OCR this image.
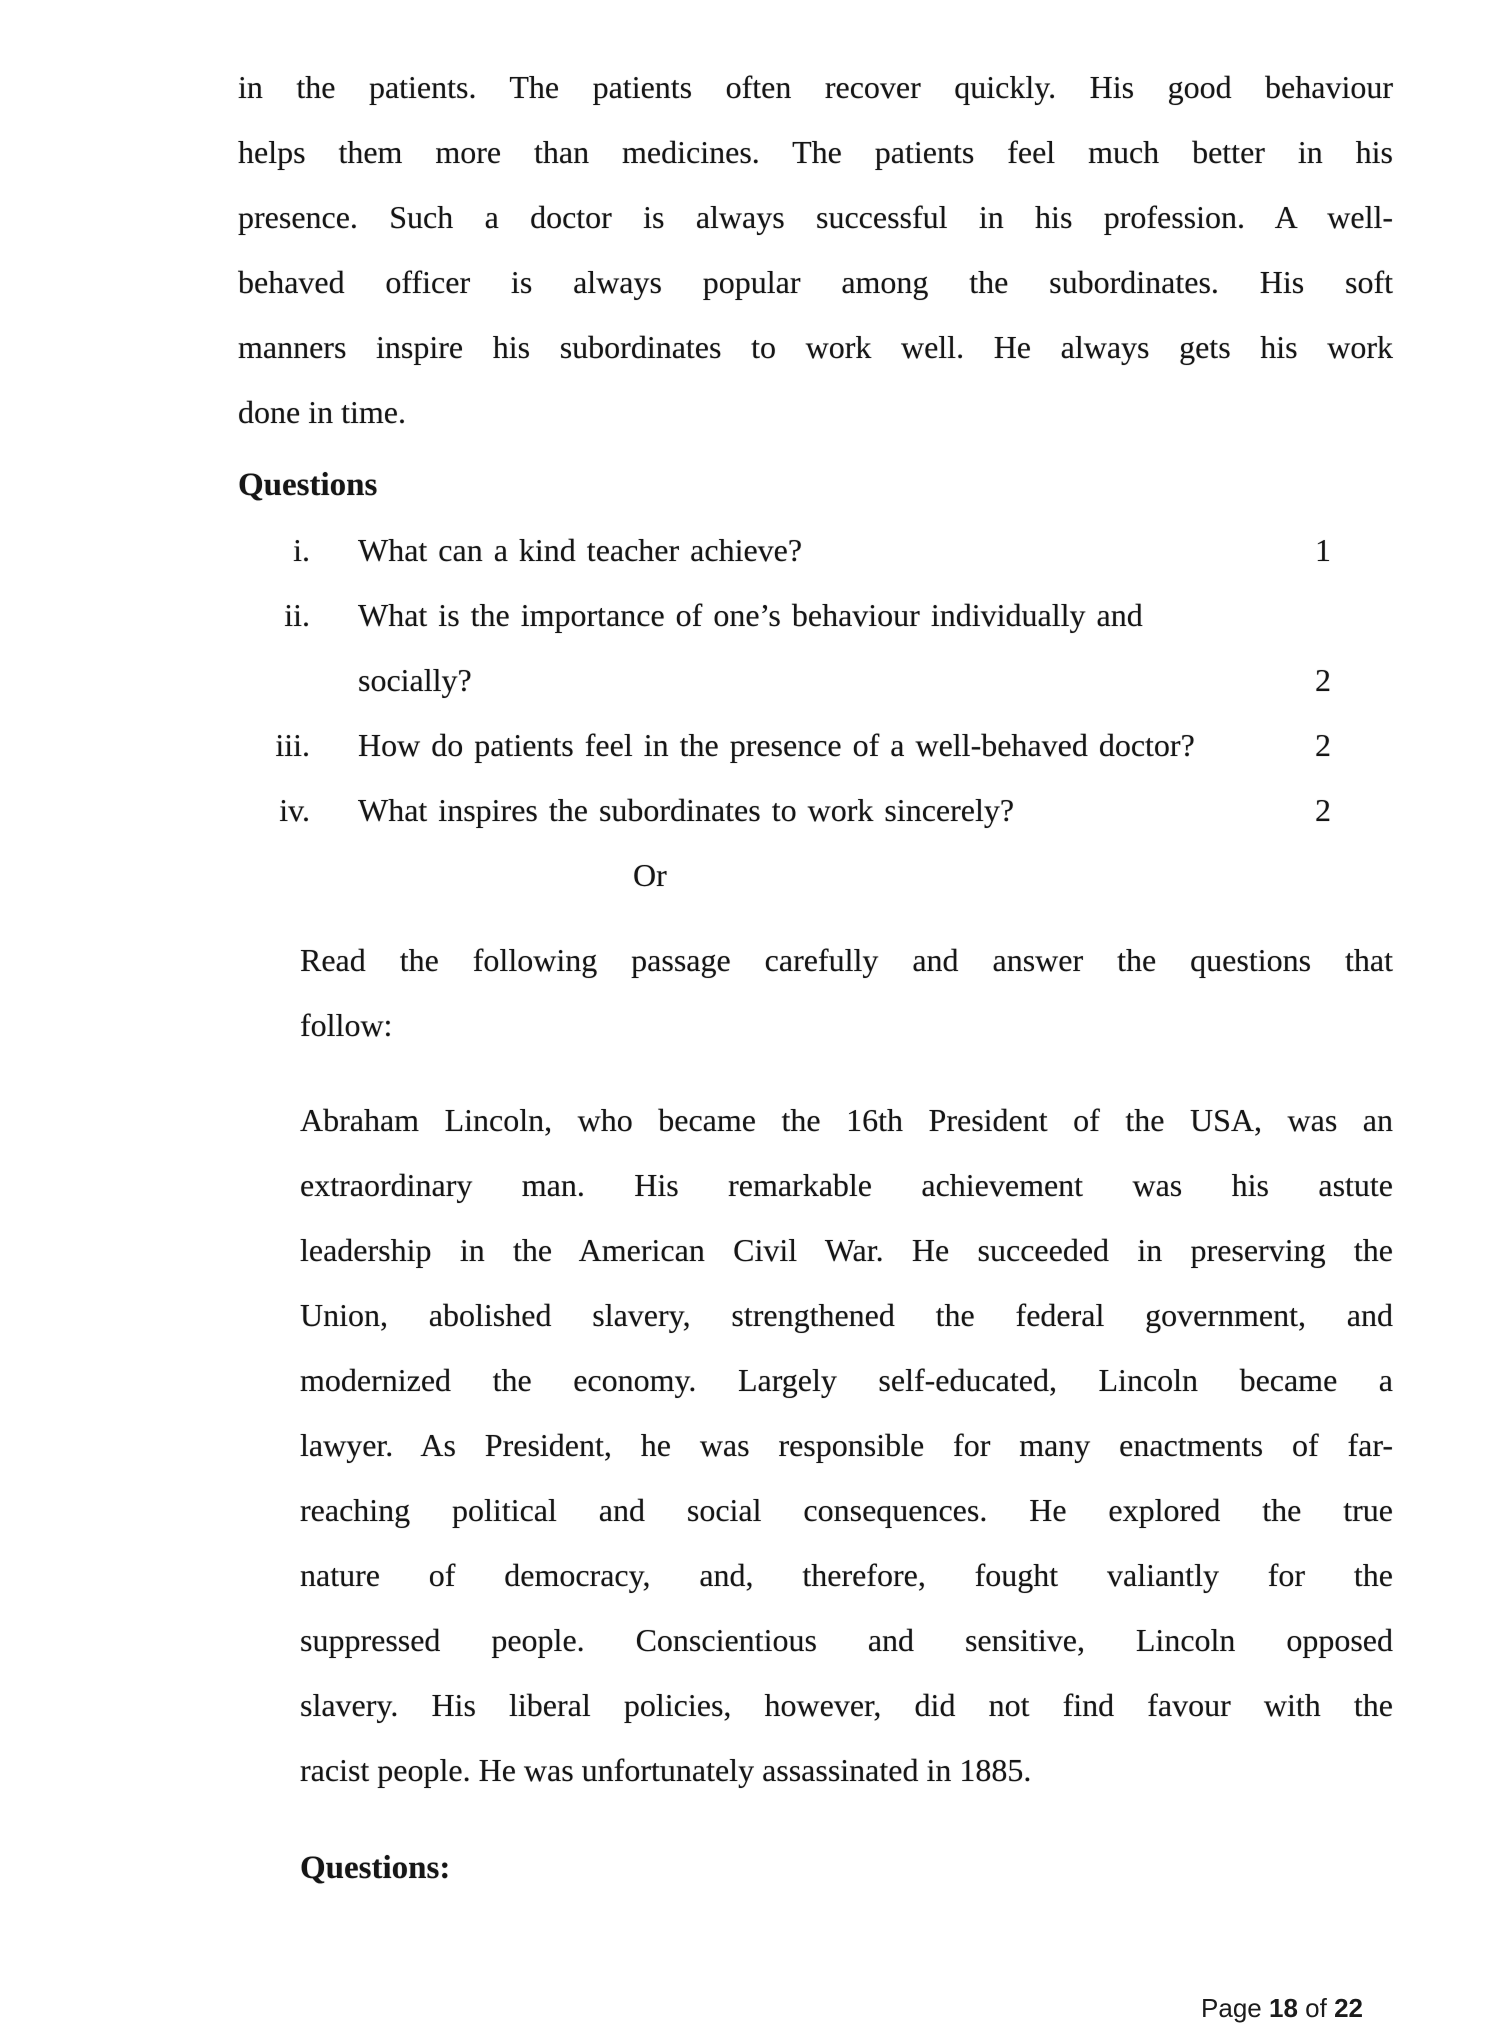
in the patients. The patients often recover quickly. His good behaviour
helps them more than medicines. The patients feel much better in his
presence. Such a doctor is always successful in his profession. A well-
behaved officer is always popular among the subordinates. His soft
manners inspire his subordinates to work well. He always gets his work
done in time.
Questions
i. What can a kind teacher achieve?	1
ii. What is the importance of one’s behaviour individually and
socially?	2
iii. How do patients feel in the presence of a well-behaved doctor?	2
iv. What inspires the subordinates to work sincerely?	2
Or
Read the following passage carefully and answer the questions that
follow:
Abraham Lincoln, who became the 16th President of the USA, was an
extraordinary man. His remarkable achievement was his astute
leadership in the American Civil War. He succeeded in preserving the
Union, abolished slavery, strengthened the federal government, and
modernized the economy. Largely self-educated, Lincoln became a
lawyer. As President, he was responsible for many enactments of far-
reaching political and social consequences. He explored the true
nature of democracy, and, therefore, fought valiantly for the
suppressed people. Conscientious and sensitive, Lincoln opposed
slavery. His liberal policies, however, did not find favour with the
racist people. He was unfortunately assassinated in 1885.
Questions:
Page 18 of 22
